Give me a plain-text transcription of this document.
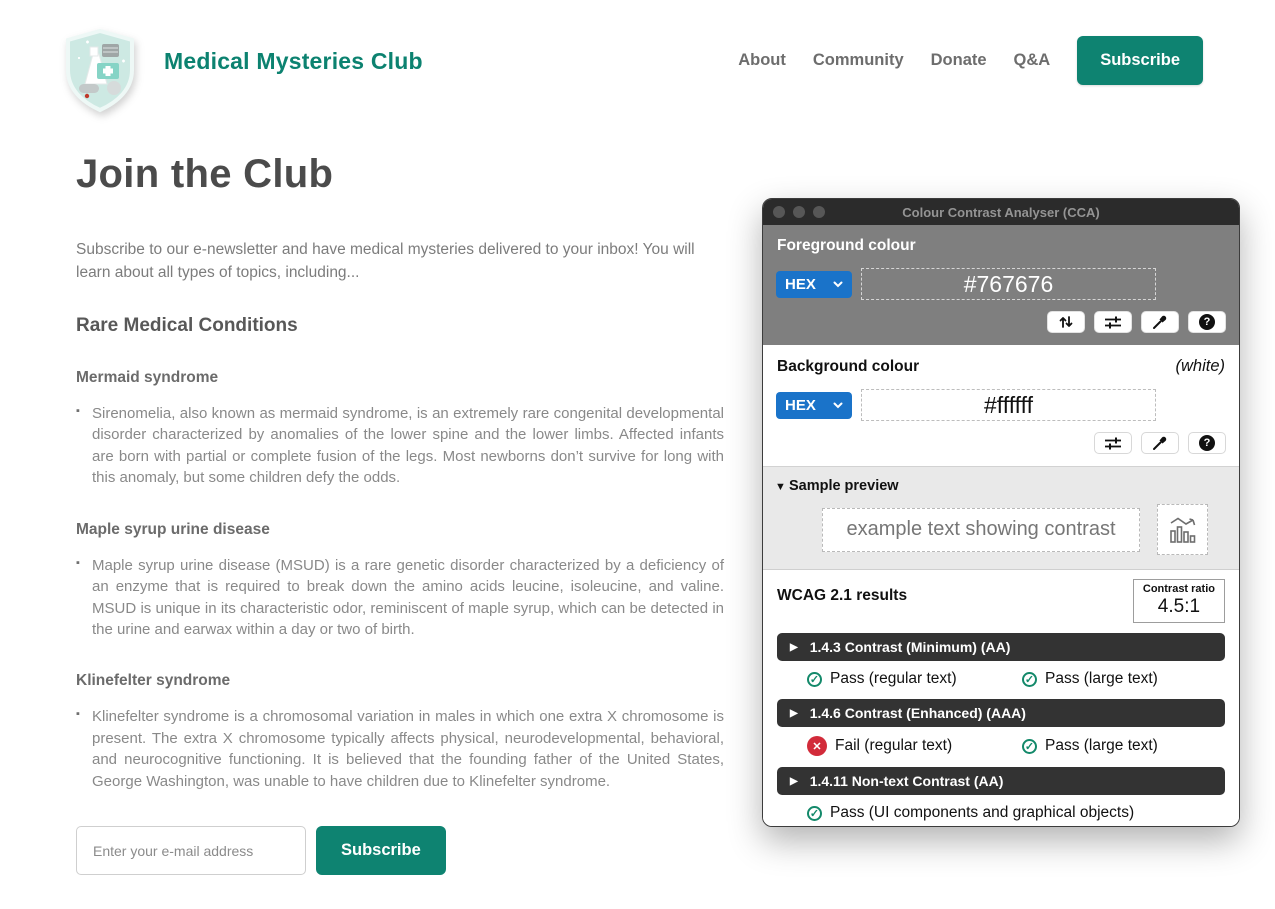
Medical Mysteries Club	About Community Donate Q&A	Subscribe
Join the Club

Subscribe to our e-newsletter and have medical mysteries delivered to your inbox! You will learn about all types of topics, including...

Rare Medical Conditions
Mermaid syndrome
▪ Sirenomelia, also known as mermaid syndrome, is an extremely rare congenital developmental disorder characterized by anomalies of the lower spine and the lower limbs. Affected infants are born with partial or complete fusion of the legs. Most newborns don’t survive for long with this anomaly, but some children defy the odds.
Maple syrup urine disease
▪ Maple syrup urine disease (MSUD) is a rare genetic disorder characterized by a deficiency of an enzyme that is required to break down the amino acids leucine, isoleucine, and valine. MSUD is unique in its characteristic odor, reminiscent of maple syrup, which can be detected in the urine and earwax within a day or two of birth.
Klinefelter syndrome
▪ Klinefelter syndrome is a chromosomal variation in males in which one extra X chromosome is present. The extra X chromosome typically affects physical, neurodevelopmental, behavioral, and neurocognitive functioning. It is believed that the founding father of the United States, George Washington, was unable to have children due to Klinefelter syndrome.
Enter your e-mail address
Subscribe
Colour Contrast Analyser (CCA)
Foreground colour
HEX	#767676
?
Background colour	(white)
HEX	#ffffff
?
▼ Sample preview
example text showing contrast
WCAG 2.1 results	Contrast ratio
4.5:1
▶ 1.4.3 Contrast (Minimum) (AA)
✓
Pass (regular text) ✓	Pass (large text)
▶ 1.4.6 Contrast (Enhanced) (AAA)
✕
Fail (regular text) ✓	Pass (large text)
▶ 1.4.11 Non-text Contrast (AA)
✓
Pass (UI components and graphical objects)
